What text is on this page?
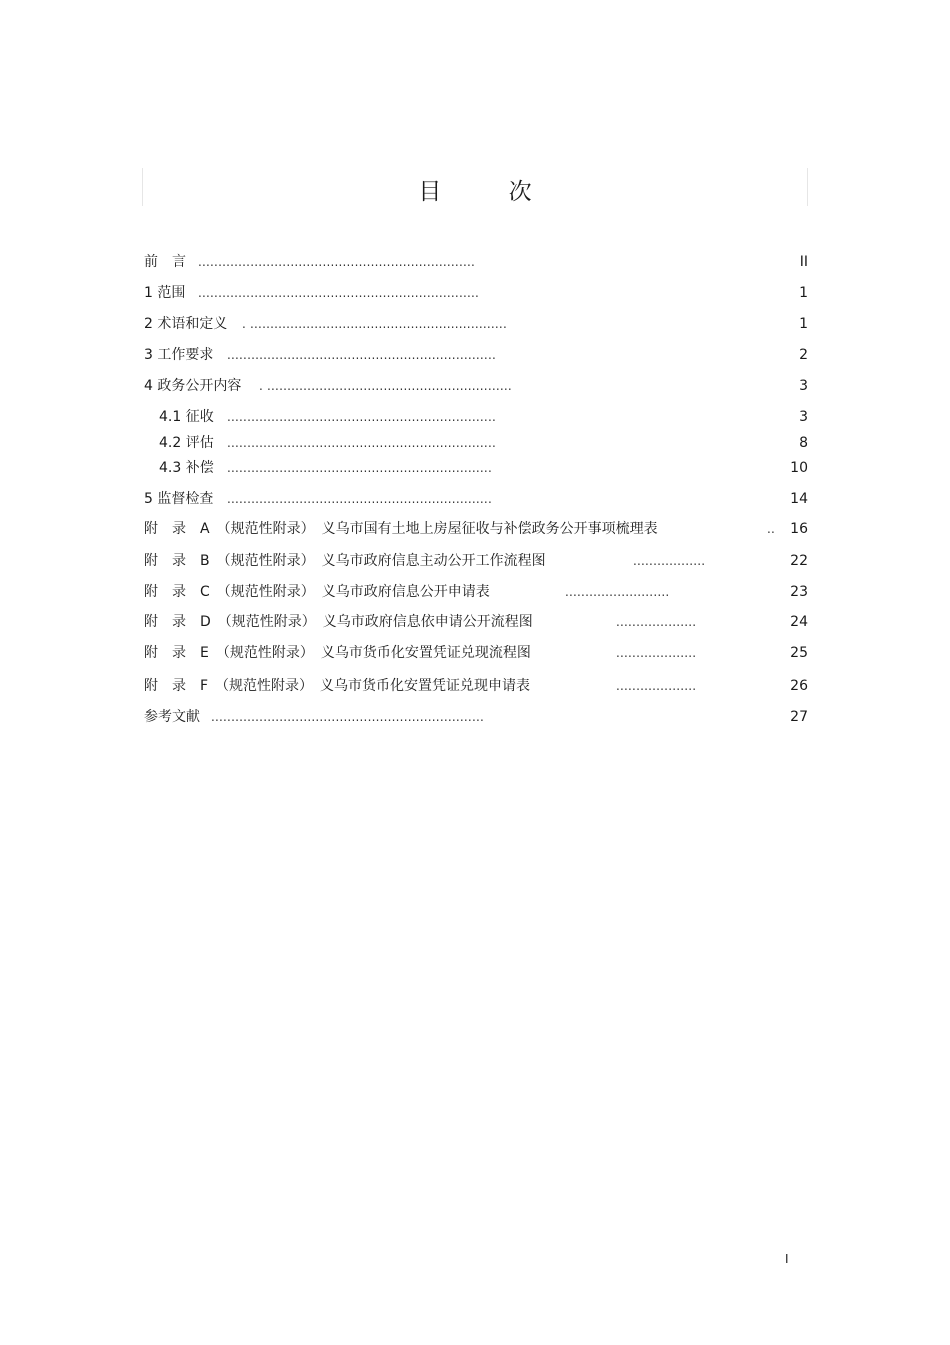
目 次
前　言 .....................................................................	II
1 范围 ......................................................................	1
2 术语和定义 . ................................................................	1
3 工作要求 ...................................................................	2
4 政务公开内容 . .............................................................	3
4.1 征收 ...................................................................	3
4.2 评估 ...................................................................	8
4.3 补偿 ..................................................................	10
5 监督检查 ..................................................................	14
附　录　A　（规范性附录）　义乌市国有土地上房屋征收与补偿政务公开事项梳理表	.. 16
附　录　B　（规范性附录）　义乌市政府信息主动公开工作流程图	..................	22
附　录　C　（规范性附录）　义乌市政府信息公开申请表	..........................	23
附　录　D　（规范性附录）　义乌市政府信息依申请公开流程图	....................	24
附　录　E　（规范性附录）　义乌市货币化安置凭证兑现流程图	....................	25
附　录　F　（规范性附录）　义乌市货币化安置凭证兑现申请表	....................	26
参考文献 ....................................................................	27
I
